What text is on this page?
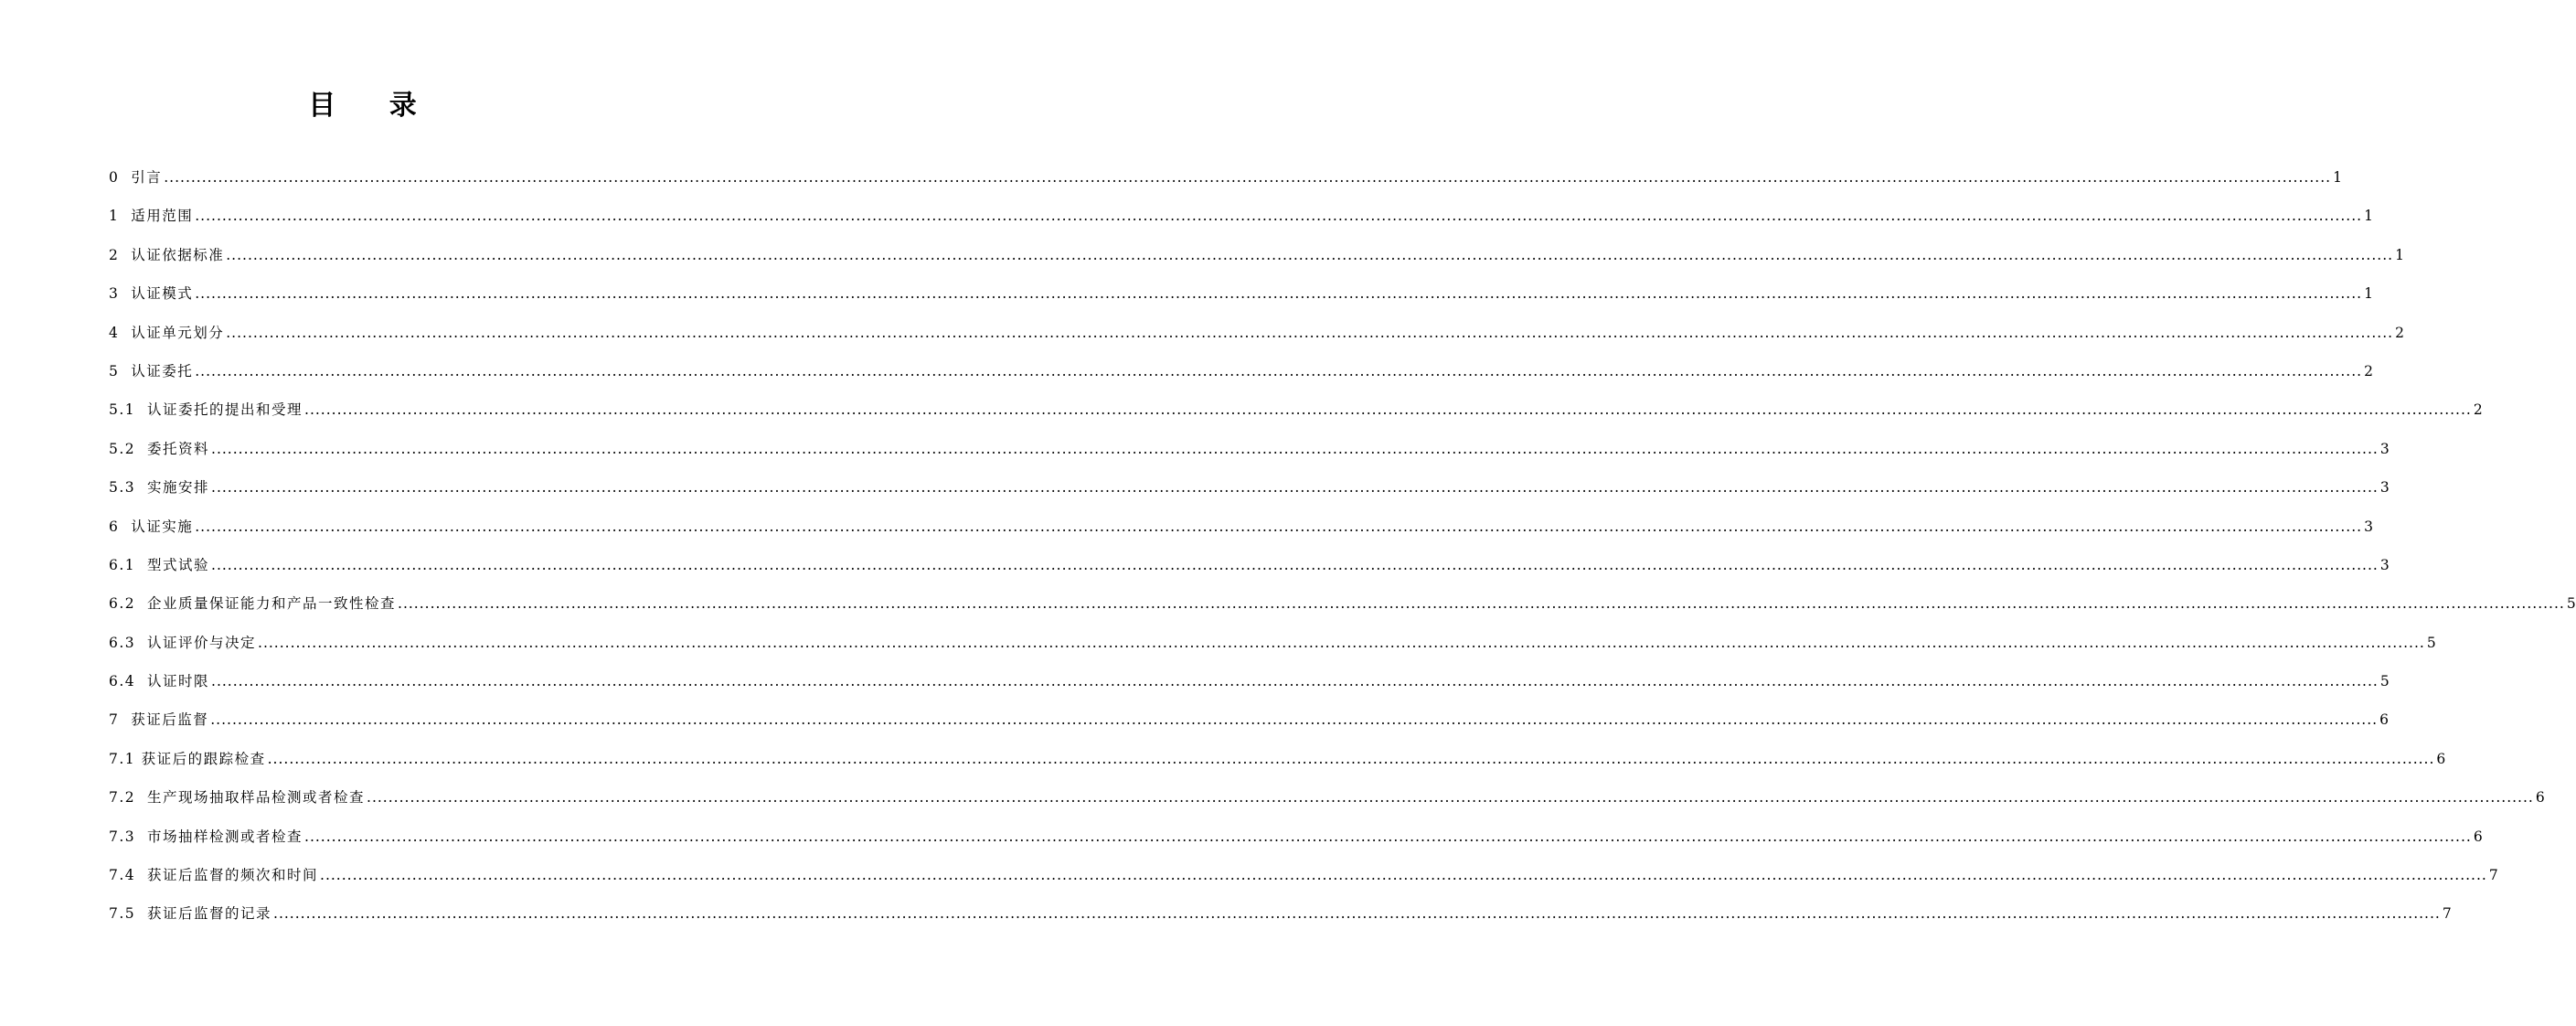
目 录
0
引言 ................................................................................................................................................................................................................................................................................................................................................................................................................ 1
1
适用范围 ................................................................................................................................................................................................................................................................................................................................................................................................................ 1
2
认证依据标准 ................................................................................................................................................................................................................................................................................................................................................................................................................ 1
3
认证模式 ................................................................................................................................................................................................................................................................................................................................................................................................................ 1
4
认证单元划分 ................................................................................................................................................................................................................................................................................................................................................................................................................ 2
5
认证委托 ................................................................................................................................................................................................................................................................................................................................................................................................................ 2
5.1
认证委托的提出和受理 ................................................................................................................................................................................................................................................................................................................................................................................................................ 2
5.2
委托资料 ................................................................................................................................................................................................................................................................................................................................................................................................................ 3
5.3
实施安排 ................................................................................................................................................................................................................................................................................................................................................................................................................ 3
6
认证实施 ................................................................................................................................................................................................................................................................................................................................................................................................................ 3
6.1
型式试验 ................................................................................................................................................................................................................................................................................................................................................................................................................ 3
6.2
企业质量保证能力和产品一致性检查 ................................................................................................................................................................................................................................................................................................................................................................................................................ 5
6.3
认证评价与决定 ................................................................................................................................................................................................................................................................................................................................................................................................................ 5
6.4
认证时限 ................................................................................................................................................................................................................................................................................................................................................................................................................ 5
7
获证后监督 ................................................................................................................................................................................................................................................................................................................................................................................................................ 6
7.1
获证后的跟踪检查 ................................................................................................................................................................................................................................................................................................................................................................................................................ 6
7.2
生产现场抽取样品检测或者检查 ................................................................................................................................................................................................................................................................................................................................................................................................................ 6
7.3
市场抽样检测或者检查 ................................................................................................................................................................................................................................................................................................................................................................................................................ 6
7.4
获证后监督的频次和时间 ................................................................................................................................................................................................................................................................................................................................................................................................................ 7
7.5
获证后监督的记录 ................................................................................................................................................................................................................................................................................................................................................................................................................ 7
